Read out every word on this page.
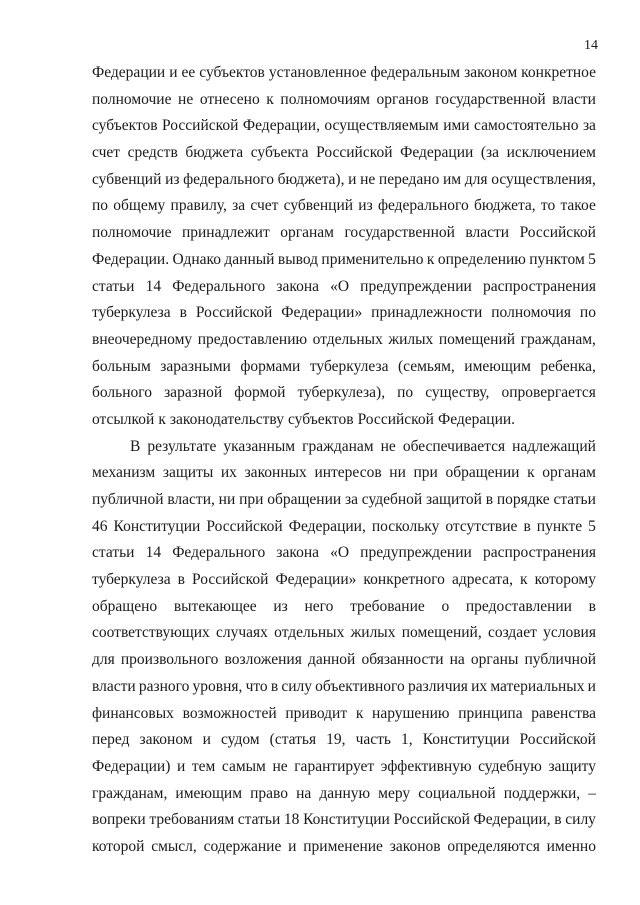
14
Федерации и ее субъектов установленное федеральным законом конкретное
полномочие не отнесено к полномочиям органов государственной власти
субъектов Российской Федерации, осуществляемым ими самостоятельно за
счет средств бюджета субъекта Российской Федерации (за исключением
субвенций из федерального бюджета), и не передано им для осуществления,
по общему правилу, за счет субвенций из федерального бюджета, то такое
полномочие принадлежит органам государственной власти Российской
Федерации. Однако данный вывод применительно к определению пунктом 5
статьи 14 Федерального закона «О предупреждении распространения
туберкулеза в Российской Федерации» принадлежности полномочия по
внеочередному предоставлению отдельных жилых помещений гражданам,
больным заразными формами туберкулеза (семьям, имеющим ребенка,
больного заразной формой туберкулеза), по существу, опровергается
отсылкой к законодательству субъектов Российской Федерации.
В результате указанным гражданам не обеспечивается надлежащий
механизм защиты их законных интересов ни при обращении к органам
публичной власти, ни при обращении за судебной защитой в порядке статьи
46 Конституции Российской Федерации, поскольку отсутствие в пункте 5
статьи 14 Федерального закона «О предупреждении распространения
туберкулеза в Российской Федерации» конкретного адресата, к которому
обращено вытекающее из него требование о предоставлении в
соответствующих случаях отдельных жилых помещений, создает условия
для произвольного возложения данной обязанности на органы публичной
власти разного уровня, что в силу объективного различия их материальных и
финансовых возможностей приводит к нарушению принципа равенства
перед законом и судом (статья 19, часть 1, Конституции Российской
Федерации) и тем самым не гарантирует эффективную судебную защиту
гражданам, имеющим право на данную меру социальной поддержки, –
вопреки требованиям статьи 18 Конституции Российской Федерации, в силу
которой смысл, содержание и применение законов определяются именно
